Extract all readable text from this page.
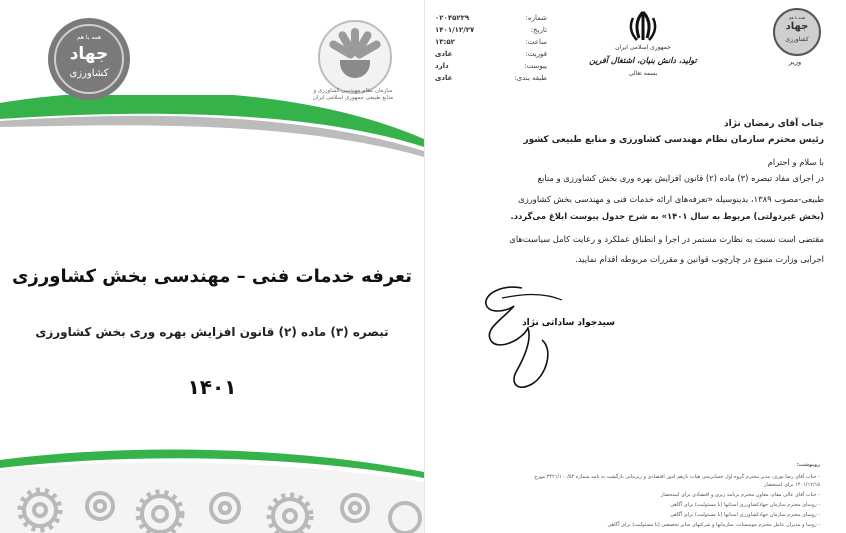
همه با هم
جهاد
کشاورزی
سازمان نظام مهندسی کشاورزی و منابع طبیعی جمهوری اسلامی ایران
تعرفه خدمات فنی – مهندسی بخش کشاورزی
تبصره (۳) ماده (۲) قانون افزایش بهره وری بخش کشاورزی
۱۴۰۱
شماره:
۰۲۰۴۵۲۲۹
تاریخ:
۱۴۰۱/۱۲/۲۷
ساعت:
۱۳:۵۲
فوریت:
عادی
پیوست:
دارد
طبقه بندی:
عادی
جمهوری اسلامی ایران
تولید، دانش بنیان، اشتغال آفرین
بسمه تعالی
همه با هم
جهاد
کشاورزی
وزیر
جناب آقای رمضان نژاد
رئیس محترم سازمان نظام مهندسی کشاورزی و منابع طبیعی کشور
با سلام و احترام
در اجرای مفاد تبصره (۳) ماده (۲) قانون افزایش بهره وری بخش کشاورزی و منابع
طبیعی-مصوب ۱۳۸۹، بدینوسیله «تعرفه‌های ارائه خدمات فنی و مهندسی بخش کشاورزی
(بخش غیردولتی) مربوط به سال ۱۴۰۱» به شرح جدول پیوست ابلاغ می‌گردد.
مقتضی است نسبت به نظارت مستمر در اجرا و انطباق عملکرد و رعایت کامل سیاست‌های
اجرایی وزارت متبوع در چارچوب قوانین و مقررات مربوطه اقدام نمایید.
سیدجواد ساداتی نژاد
رونوشت:
- جناب آقای رضا نوری، مدیر محترم گروه اول حسابرسی هیات بازهم امور اقتصادی و زیربنایی بازگشت به نامه شماره ۳۴۲۱/۱۰۰/۵۲ مورخ
۱۴۰۱/۱۲/۱۵ برای استحضار
- جناب آقای عالی مقام، معاون محترم برنامه ریزی و اقتصادی برای استحضار
- روسای محترم سازمان جهادکشاورزی استانها (با مسئولیت) برای آگاهی
- روسای محترم سازمان جهادکشاورزی استانها (با مسئولیت) برای آگاهی
- روسا و مدیران عامل محترم موسسات، سازمانها و شرکتهای سایر تخصصی (با مسئولیت) برای آگاهی
